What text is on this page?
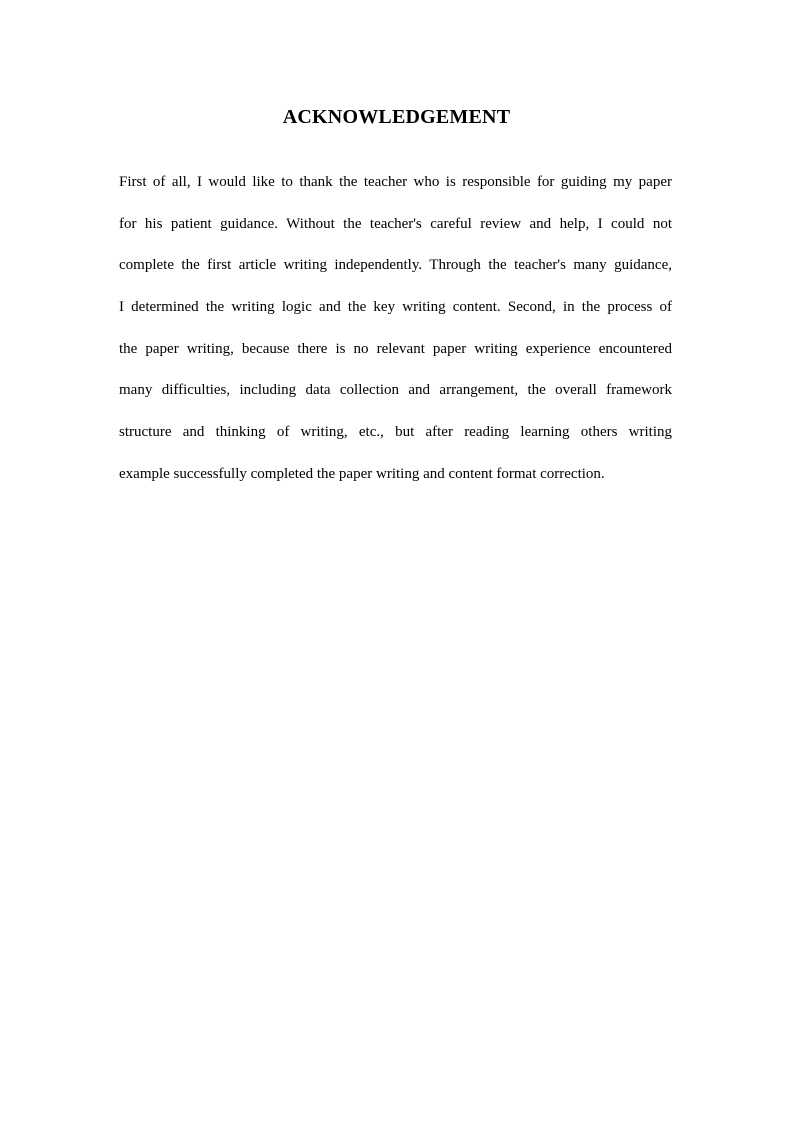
ACKNOWLEDGEMENT
First of all, I would like to thank the teacher who is responsible for guiding my paper
for his patient guidance. Without the teacher's careful review and help, I could not
complete the first article writing independently. Through the teacher's many guidance,
I determined the writing logic and the key writing content. Second, in the process of
the paper writing, because there is no relevant paper writing experience encountered
many difficulties, including data collection and arrangement, the overall framework
structure and thinking of writing, etc., but after reading learning others writing
example successfully completed the paper writing and content format correction.
